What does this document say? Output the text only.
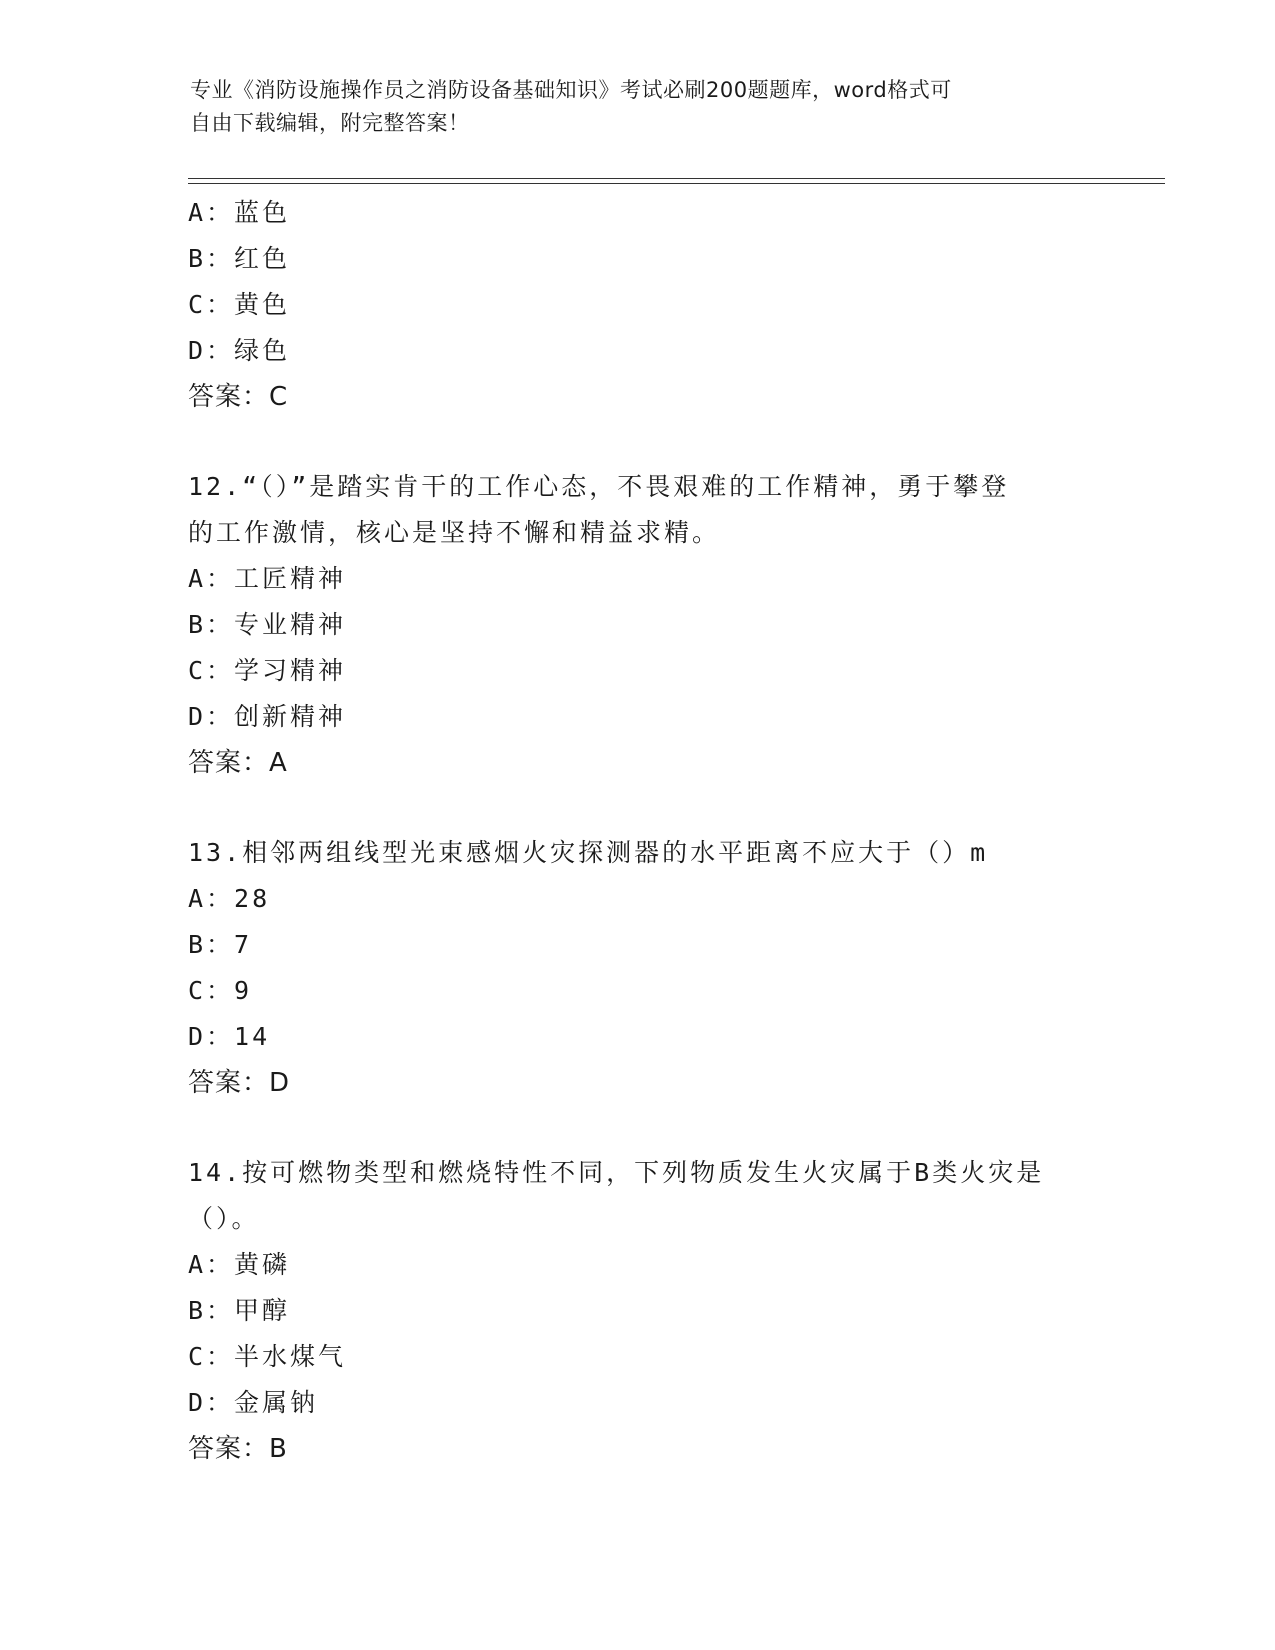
专业《消防设施操作员之消防设备基础知识》考试必刷200题题库，word格式可
自由下载编辑，附完整答案！
A：蓝色
B：红色
C：黄色
D：绿色
答案：C
12.“（）”是踏实肯干的工作心态，不畏艰难的工作精神，勇于攀登
的工作激情，核心是坚持不懈和精益求精。
A：工匠精神
B：专业精神
C：学习精神
D：创新精神
答案：A
13.相邻两组线型光束感烟火灾探测器的水平距离不应大于（）m
A：28
B：7
C：9
D：14
答案：D
14.按可燃物类型和燃烧特性不同，下列物质发生火灾属于B类火灾是
（）。
A：黄磷
B：甲醇
C：半水煤气
D：金属钠
答案：B
